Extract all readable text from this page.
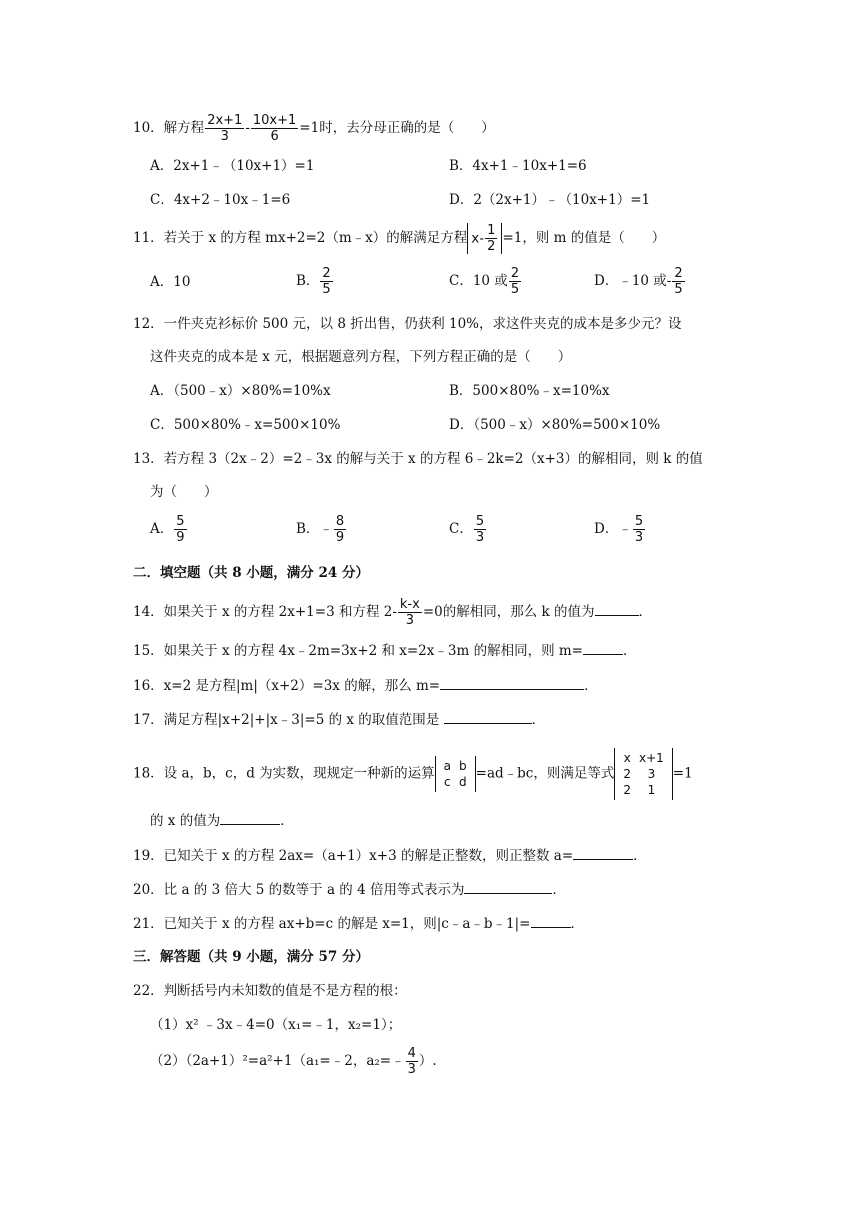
10．解方程 $\frac{2x+1}{3} - \frac{10x+1}{6} =1$时，去分母正确的是（　　）
A．2x+1﹣（10x+1）=1	B．4x+1﹣10x+1=6
C．4x+2﹣10x﹣1=6	D．2（2x+1）﹣（10x+1）=1
11．若关于 x 的方程 mx+2=2（m﹣x）的解满足方程 $x- \frac{1}{2} =1$，则 m 的值是（　　）
A．10	B． $\frac{2}{5}$	C．10 或 $\frac{2}{5}$	D．﹣10 或- $\frac{2}{5}$
12．一件夹克衫标价 500 元，以 8 折出售，仍获利 10%，求这件夹克的成本是多少元？设
这件夹克的成本是 x 元，根据题意列方程，下列方程正确的是（　　）
A．（500﹣x）×80%=10%x	B．500×80%﹣x=10%x
C．500×80%﹣x=500×10%	D．（500﹣x）×80%=500×10%
13．若方程 3（2x﹣2）=2﹣3x 的解与关于 x 的方程 6﹣2k=2（x+3）的解相同，则 k 的值
为（　　）
A． $\frac{5}{9}$	B．﹣ $\frac{8}{9}$	C． $\frac{5}{3}$	D．﹣ $\frac{5}{3}$
二．填空题（共 8 小题，满分 24 分）
14．如果关于 x 的方程 2x+1=3 和方程 $2- \frac{k-x}{3} =0$的解相同，那么 k 的值为	．
15．如果关于 x 的方程 4x﹣2m=3x+2 和 x=2x﹣3m 的解相同，则 m=	．
16．x=2 是方程|m|（x+2）=3x 的解，那么 m=	．
17．满足方程|x+2|+|x﹣3|=5 的 x 的取值范围是	．
18．设 a，b，c，d 为实数，现规定一种新的运算 a	b
c	d
=ad﹣bc，则满足等式
x	x+1
2	3
2	1
=1
的 x 的值为	．
19．已知关于 x 的方程 2ax=（a+1）x+3 的解是正整数，则正整数 a=	．
20．比 a 的 3 倍大 5 的数等于 a 的 4 倍用等式表示为	．
21．已知关于 x 的方程 ax+b=c 的解是 x=1，则|c﹣a﹣b﹣1|=	．
三．解答题（共 9 小题，满分 57 分）
22．判断括号内未知数的值是不是方程的根：
（1）x² ﹣3x﹣4=0（x₁=﹣1，x₂=1）；
（2）（2a+1）²=a²+1（a₁=﹣2，a₂=﹣ $\frac{4}{3}$ ）.
